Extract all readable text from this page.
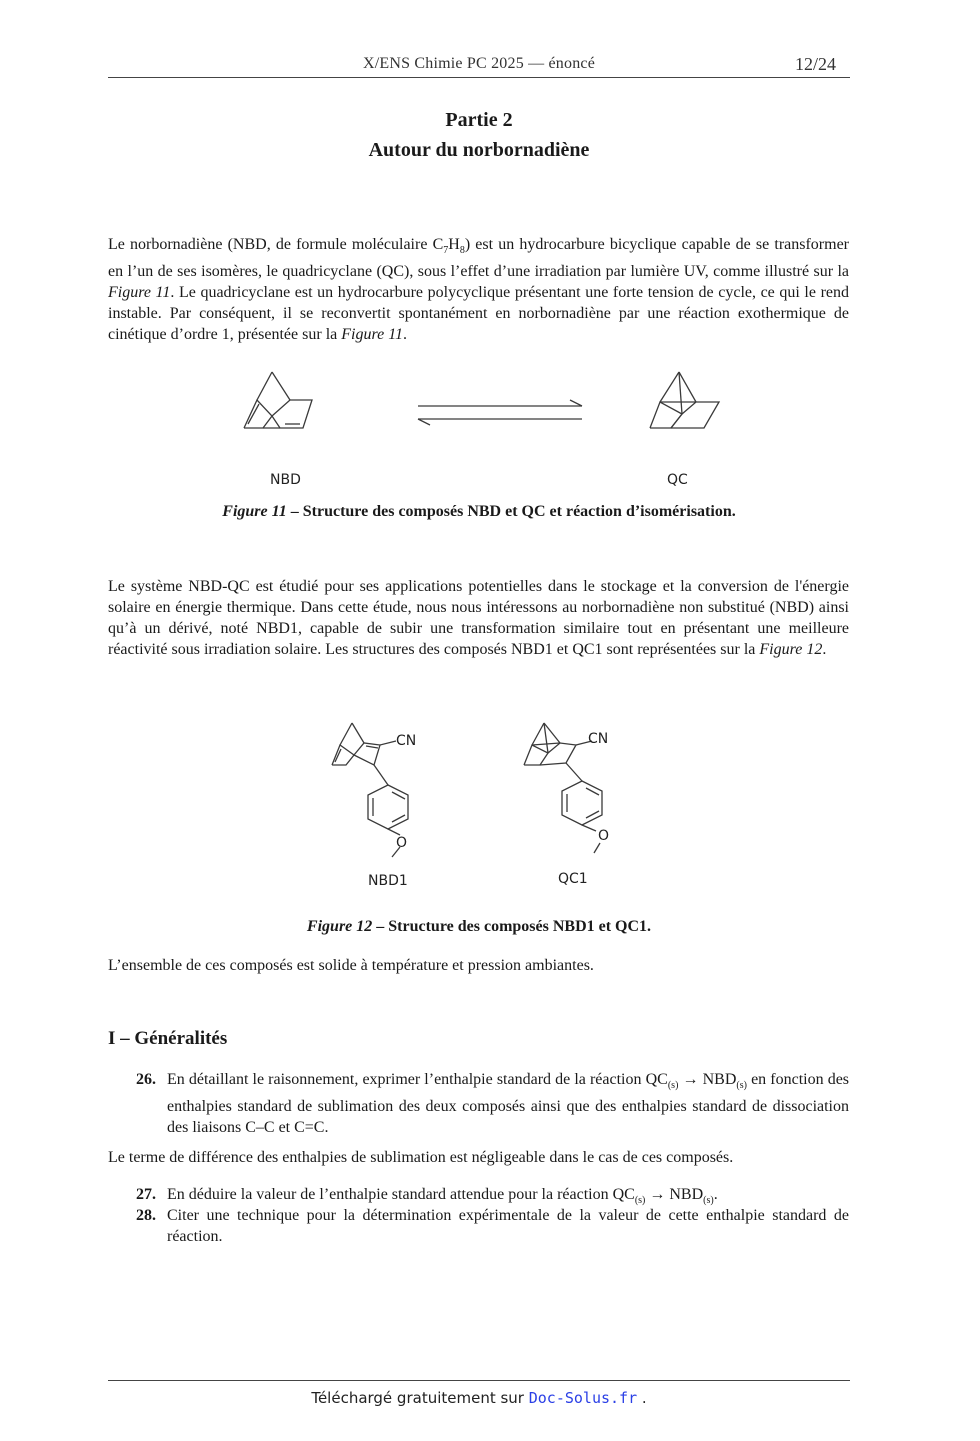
X/ENS Chimie PC 2025 — énoncé	12/24
Partie 2
Autour du norbornadiène

Le norbornadiène (NBD, de formule moléculaire $C_7H_8$) est un hydrocarbure bicyclique capable de se transformer en l’un de ses isomères, le quadricyclane (QC), sous l’effet d’une irradiation par lumière UV, comme illustré sur la Figure 11. Le quadricyclane est un hydrocarbure polycyclique présentant une forte tension de cycle, ce qui le rend instable. Par conséquent, il se reconvertit spontanément en norbornadiène par une réaction exothermique de cinétique d’ordre 1, présentée sur la Figure 11.

NBD	QC
Figure 11 – Structure des composés NBD et QC et réaction d’isomérisation.

Le système NBD-QC est étudié pour ses applications potentielles dans le stockage et la conversion de l'énergie solaire en énergie thermique. Dans cette étude, nous nous intéressons au norbornadiène non substitué (NBD) ainsi qu’à un dérivé, noté NBD1, capable de subir une transformation similaire tout en présentant une meilleure réactivité sous irradiation solaire. Les structures des composés NBD1 et QC1 sont représentées sur la Figure 12.

CN
O
CN
O
NBD1	QC1
Figure 12 – Structure des composés NBD1 et QC1.

L’ensemble de ces composés est solide à température et pression ambiantes.

I – Généralités
26. En détaillant le raisonnement, exprimer l’enthalpie standard de la réaction $QC_{(s)} \to NBD_{(s)}$ en fonction des enthalpies standard de sublimation des deux composés ainsi que des enthalpies standard de dissociation des liaisons C–C et C=C.

Le terme de différence des enthalpies de sublimation est négligeable dans le cas de ces composés.

27. En déduire la valeur de l’enthalpie standard attendue pour la réaction $QC_{(s)} \to NBD_{(s)}$.
28. Citer une technique pour la détermination expérimentale de la valeur de cette enthalpie standard de réaction.
Téléchargé gratuitement sur Doc-Solus.fr .
